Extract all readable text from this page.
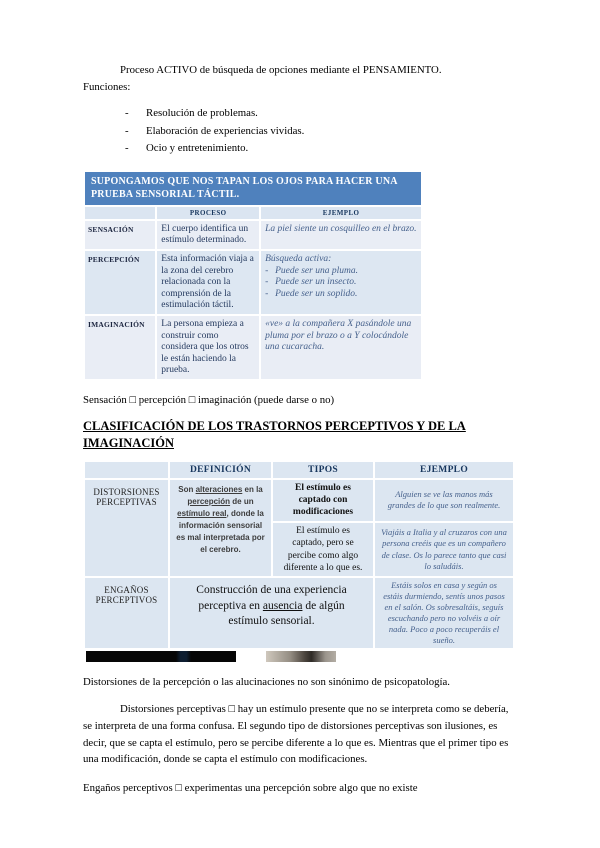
Proceso ACTIVO de búsqueda de opciones mediante el PENSAMIENTO.

Funciones:

- Resolución de problemas.
- Elaboración de experiencias vividas.
- Ocio y entretenimiento.
SUPONGAMOS QUE NOS TAPAN LOS OJOS PARA HACER UNA PRUEBA SENSORIAL TÁCTIL.		
	PROCESO	EJEMPLO
SENSACIÓN	El cuerpo identifica un estímulo determinado.	La piel siente un cosquilleo en el brazo.
PERCEPCIÓN	Esta información viaja a la zona del cerebro relacionada con la comprensión de la estimulación táctil.	Búsqueda activa:
- Puede ser una pluma.
- Puede ser un insecto.
- Puede ser un soplido.

IMAGINACIÓN	La persona empieza a construir como considera que los otros le están haciendo la prueba.	«ve» a la compañera X pasándole una pluma por el brazo o a Y colocándole una cucaracha.

Sensación □ percepción □ imaginación (puede darse o no)

CLASIFICACIÓN DE LOS TRASTORNOS PERCEPTIVOS Y DE LA IMAGINACIÓN
	DEFINICIÓN	TIPOS	EJEMPLO
DISTORSIONES PERCEPTIVAS	Son alteraciones en la percepción de un estímulo real, donde la información sensorial es mal interpretada por el cerebro.	El estímulo es captado con modificaciones	Alguien se ve las manos más grandes de lo que son realmente.
		El estímulo es captado, pero se percibe como algo diferente a lo que es.	Viajáis a Italia y al cruzaros con una persona creéis que es un compañero de clase. Os lo parece tanto que casi lo saludáis.
ENGAÑOS PERCEPTIVOS	Construcción de una experiencia perceptiva en ausencia de algún estímulo sensorial.		Estáis solos en casa y según os estáis durmiendo, sentís unos pasos en el salón. Os sobresaltáis, seguís escuchando pero no volvéis a oír nada. Poco a poco recuperáis el sueño.

Distorsiones de la percepción o las alucinaciones no son sinónimo de psicopatología.

Distorsiones perceptivas □ hay un estímulo presente que no se interpreta como se debería, se interpreta de una forma confusa. El segundo tipo de distorsiones perceptivas son ilusiones, es decir, que se capta el estímulo, pero se percibe diferente a lo que es. Mientras que el primer tipo es una modificación, donde se capta el estímulo con modificaciones.

Engaños perceptivos □ experimentas una percepción sobre algo que no existe
